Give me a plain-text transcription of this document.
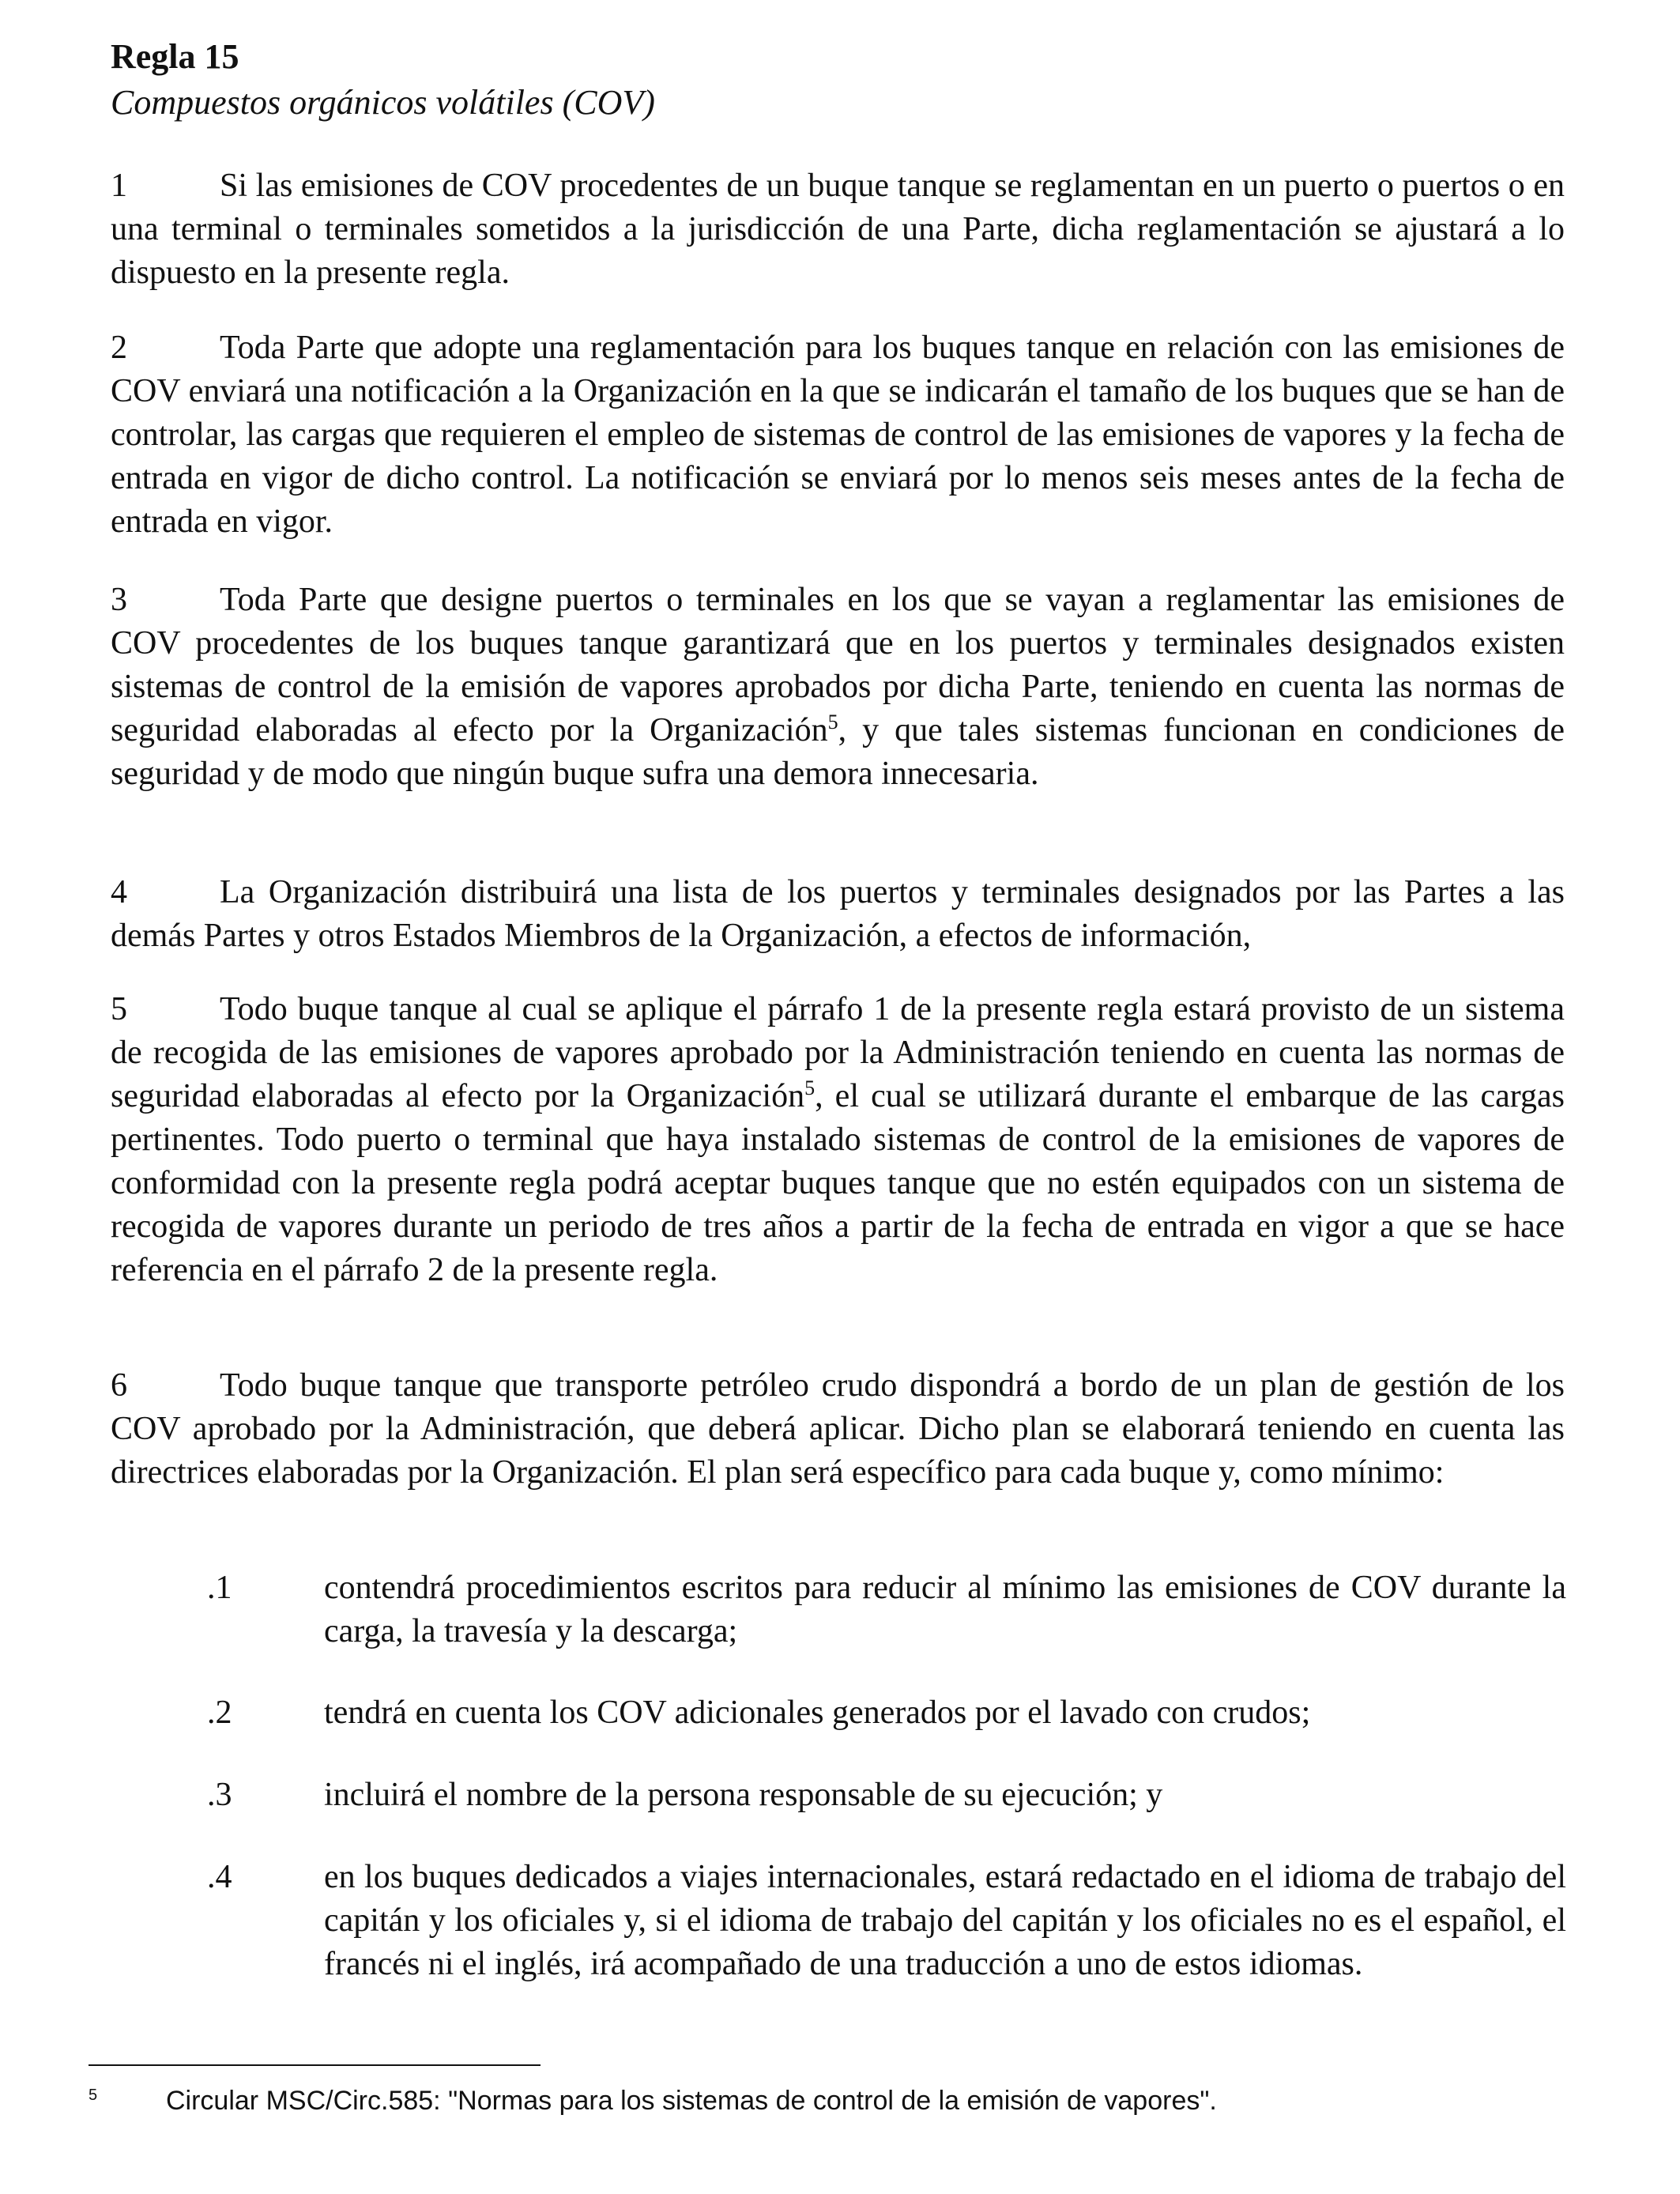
Regla 15
Compuestos orgánicos volátiles (COV)
1	Si las emisiones de COV procedentes de un buque tanque se reglamentan en un puerto o puertos o en una terminal o terminales sometidos a la jurisdicción de una Parte, dicha reglamentación se ajustará a lo dispuesto en la presente regla.
2	Toda Parte que adopte una reglamentación para los buques tanque en relación con las emisiones de COV enviará una notificación a la Organización en la que se indicarán el tamaño de los buques que se han de controlar, las cargas que requieren el empleo de sistemas de control de las emisiones de vapores y la fecha de entrada en vigor de dicho control. La notificación se enviará por lo menos seis meses antes de la fecha de entrada en vigor.
3	Toda Parte que designe puertos o terminales en los que se vayan a reglamentar las emisiones de COV procedentes de los buques tanque garantizará que en los puertos y terminales designados existen sistemas de control de la emisión de vapores aprobados por dicha Parte, teniendo en cuenta las normas de seguridad elaboradas al efecto por la Organización$^5$, y que tales sistemas funcionan en condiciones de seguridad y de modo que ningún buque sufra una demora innecesaria.
4	La Organización distribuirá una lista de los puertos y terminales designados por las Partes a las demás Partes y otros Estados Miembros de la Organización, a efectos de información,
5	Todo buque tanque al cual se aplique el párrafo 1 de la presente regla estará provisto de un sistema de recogida de las emisiones de vapores aprobado por la Administración teniendo en cuenta las normas de seguridad elaboradas al efecto por la Organización$^5$, el cual se utilizará durante el embarque de las cargas pertinentes. Todo puerto o terminal que haya instalado sistemas de control de la emisiones de vapores de conformidad con la presente regla podrá aceptar buques tanque que no estén equipados con un sistema de recogida de vapores durante un periodo de tres años a partir de la fecha de entrada en vigor a que se hace referencia en el párrafo 2 de la presente regla.
6	Todo buque tanque que transporte petróleo crudo dispondrá a bordo de un plan de gestión de los COV aprobado por la Administración, que deberá aplicar. Dicho plan se elaborará teniendo en cuenta las directrices elaboradas por la Organización. El plan será específico para cada buque y, como mínimo:
.1	contendrá procedimientos escritos para reducir al mínimo las emisiones de COV durante la carga, la travesía y la descarga;
.2	tendrá en cuenta los COV adicionales generados por el lavado con crudos;
.3	incluirá el nombre de la persona responsable de su ejecución; y
.4	en los buques dedicados a viajes internacionales, estará redactado en el idioma de trabajo del capitán y los oficiales y, si el idioma de trabajo del capitán y los oficiales no es el español, el francés ni el inglés, irá acompañado de una traducción a uno de estos idiomas.
5	Circular MSC/Circ.585: "Normas para los sistemas de control de la emisión de vapores".
